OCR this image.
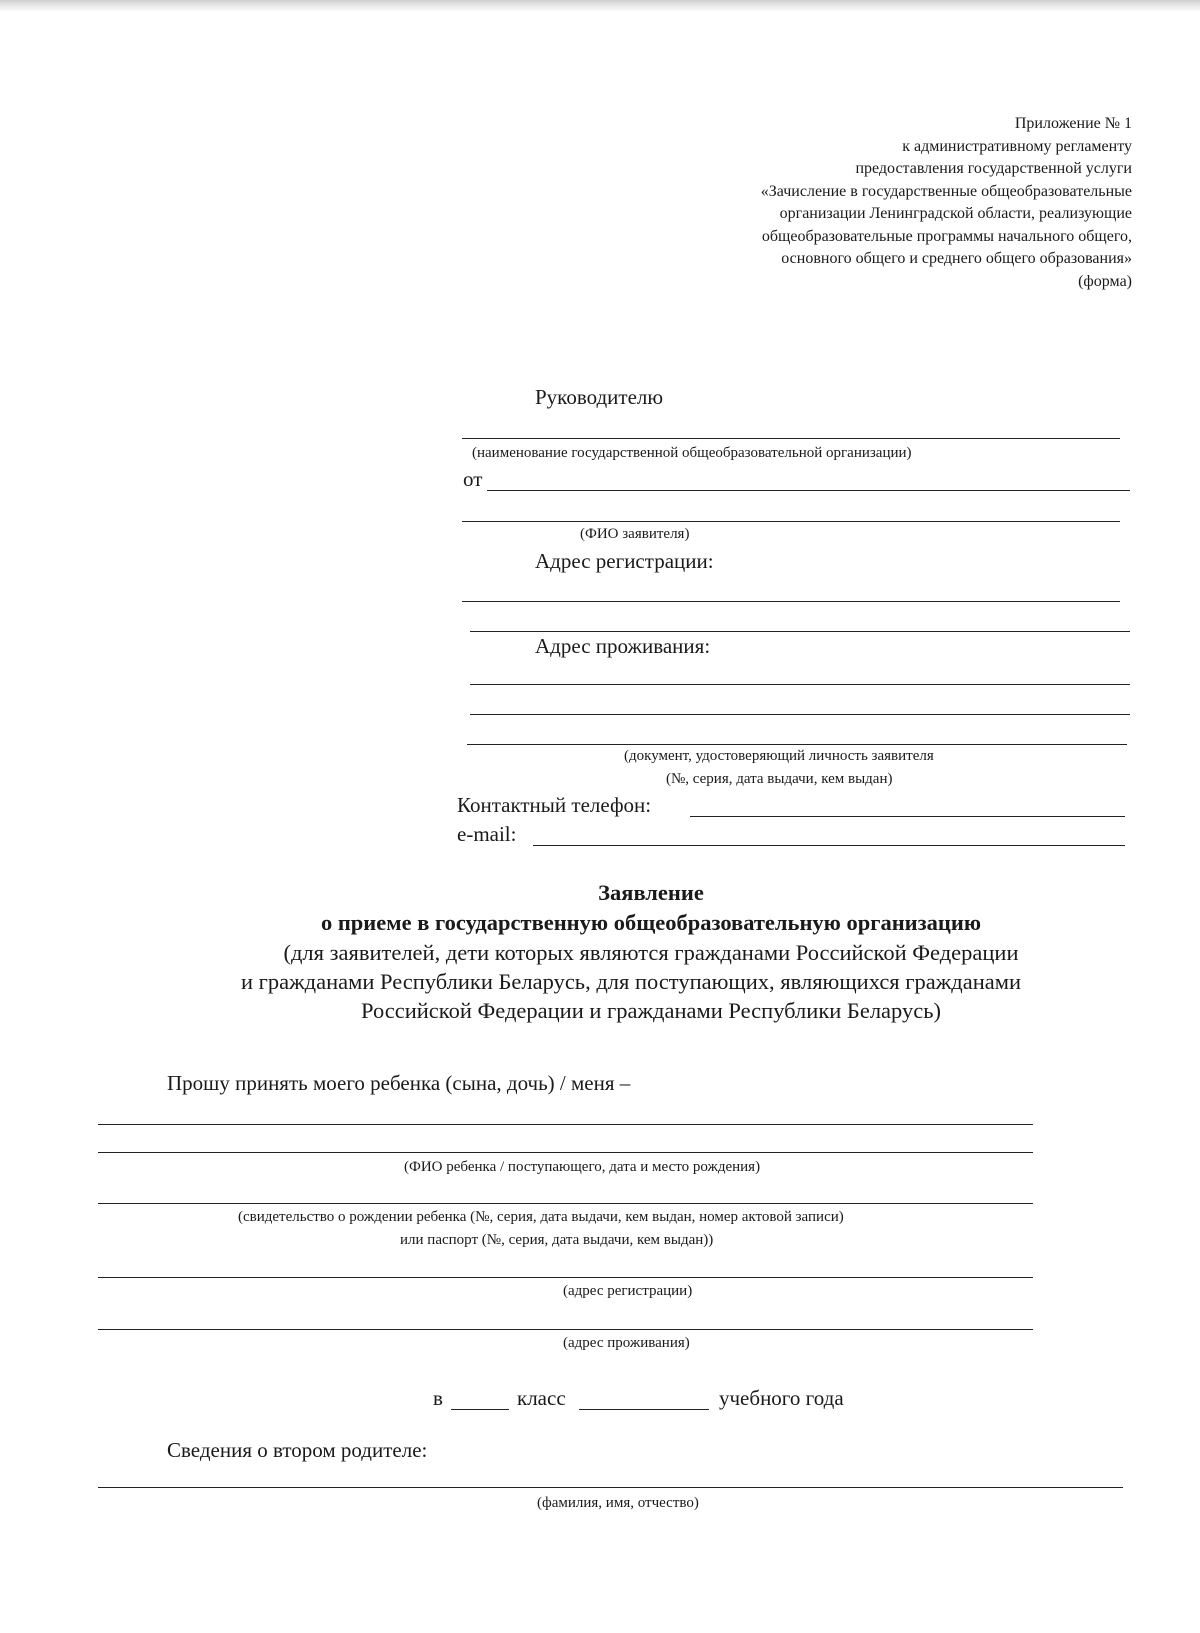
Приложение № 1
к административному регламенту
предоставления государственной услуги
«Зачисление в государственные общеобразовательные
организации Ленинградской области, реализующие
общеобразовательные программы начального общего,
основного общего и среднего общего образования»
(форма)
Руководителю
(наименование государственной общеобразовательной организации)
от
(ФИО заявителя)
Адрес регистрации:
Адрес проживания:
(документ, удостоверяющий личность заявителя
(№, серия, дата выдачи, кем выдан)
Контактный телефон:
e-mail:
Заявление
о приеме в государственную общеобразовательную организацию
(для заявителей, дети которых являются гражданами Российской Федерации
и гражданами Республики Беларусь, для поступающих, являющихся гражданами
Российской Федерации и гражданами Республики Беларусь)
Прошу принять моего ребенка (сына, дочь) / меня –
(ФИО ребенка / поступающего, дата и место рождения)
(свидетельство о рождении ребенка (№, серия, дата выдачи, кем выдан, номер актовой записи)
или паспорт (№, серия, дата выдачи, кем выдан))
(адрес регистрации)
(адрес проживания)
в	класс	учебного года
Сведения о втором родителе:
(фамилия, имя, отчество)
